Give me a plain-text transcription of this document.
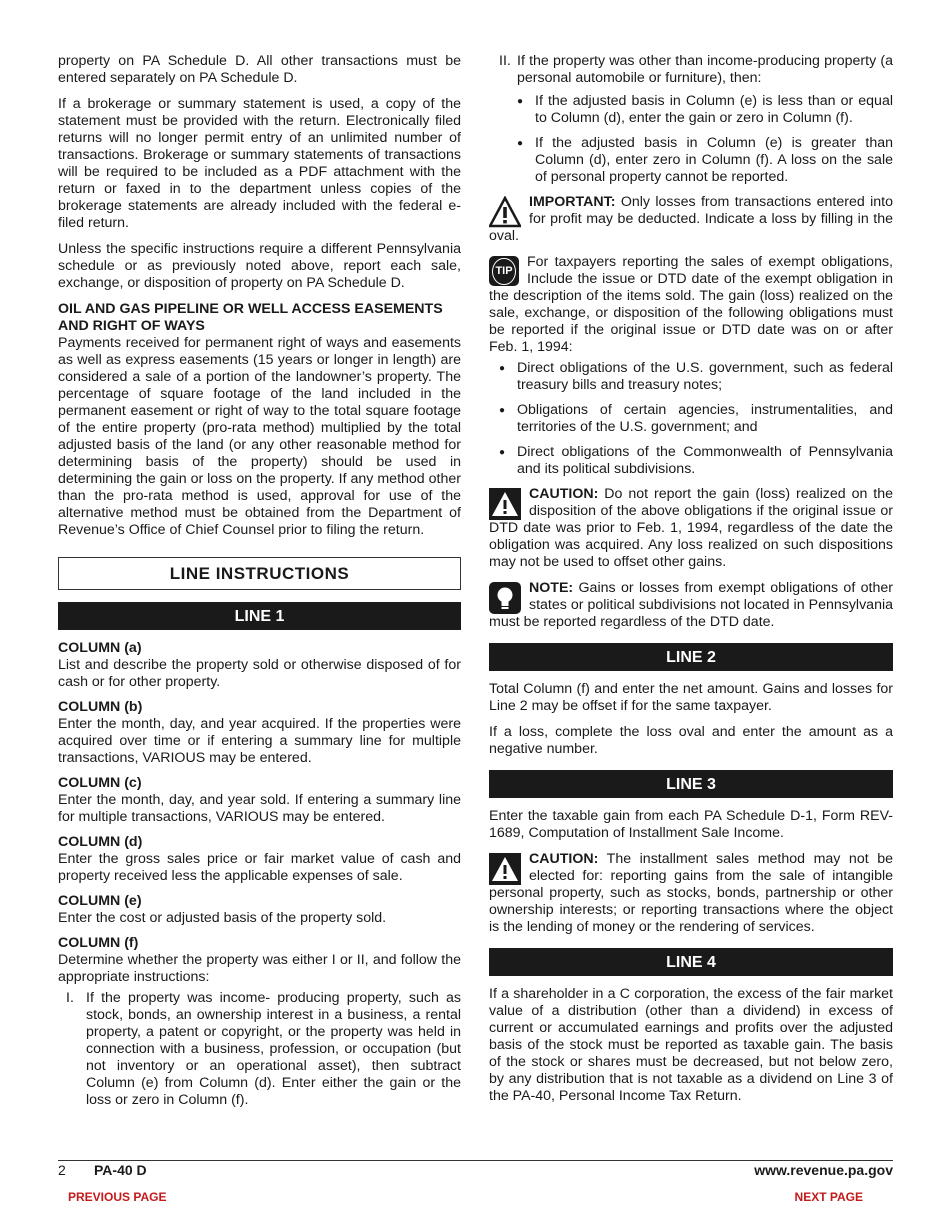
property on PA Schedule D. All other transactions must be entered separately on PA Schedule D.

If a brokerage or summary statement is used, a copy of the statement must be provided with the return. Electronically filed returns will no longer permit entry of an unlimited number of transactions. Brokerage or summary statements of transactions will be required to be included as a PDF attachment with the return or faxed in to the department unless copies of the brokerage statements are already included with the federal e-filed return.

Unless the specific instructions require a different Pennsylvania schedule or as previously noted above, report each sale, exchange, or disposition of property on PA Schedule D.

OIL AND GAS PIPELINE OR WELL ACCESS EASEMENTS AND RIGHT OF WAYS

Payments received for permanent right of ways and easements as well as express easements (15 years or longer in length) are considered a sale of a portion of the landowner’s property. The percentage of square footage of the land included in the permanent easement or right of way to the total square footage of the entire property (pro-rata method) multiplied by the total adjusted basis of the land (or any other reasonable method for determining basis of the property) should be used in determining the gain or loss on the property. If any method other than the pro-rata method is used, approval for use of the alternative method must be obtained from the Department of Revenue’s Office of Chief Counsel prior to filing the return.

LINE INSTRUCTIONS
LINE 1

COLUMN (a)

List and describe the property sold or otherwise disposed of for cash or for other property.

COLUMN (b)

Enter the month, day, and year acquired. If the properties were acquired over time or if entering a summary line for multiple transactions, VARIOUS may be entered.

COLUMN (c)

Enter the month, day, and year sold. If entering a summary line for multiple transactions, VARIOUS may be entered.

COLUMN (d)

Enter the gross sales price or fair market value of cash and property received less the applicable expenses of sale.

COLUMN (e)

Enter the cost or adjusted basis of the property sold.

COLUMN (f)

Determine whether the property was either I or II, and follow the appropriate instructions:

I. If the property was income- producing property, such as stock, bonds, an ownership interest in a business, a rental property, a patent or copyright, or the property was held in connection with a business, profession, or occupation (but not inventory or an operational asset), then subtract Column (e) from Column (d). Enter either the gain or the loss or zero in Column (f).
II. If the property was other than income-producing property (a personal automobile or furniture), then:
● If the adjusted basis in Column (e) is less than or equal to Column (d), enter the gain or zero in Column (f).
● If the adjusted basis in Column (e) is greater than Column (d), enter zero in Column (f). A loss on the sale of personal property cannot be reported.
IMPORTANT: Only losses from transactions entered into for profit may be deducted. Indicate a loss by filling in the oval.
TIP
For taxpayers reporting the sales of exempt obligations, Include the issue or DTD date of the exempt obligation in the description of the items sold. The gain (loss) realized on the sale, exchange, or disposition of the following obligations must be reported if the original issue or DTD date was on or after Feb. 1, 1994:
● Direct obligations of the U.S. government, such as federal treasury bills and treasury notes;
● Obligations of certain agencies, instrumentalities, and territories of the U.S. government; and
● Direct obligations of the Commonwealth of Pennsylvania and its political subdivisions.
CAUTION: Do not report the gain (loss) realized on the disposition of the above obligations if the original issue or DTD date was prior to Feb. 1, 1994, regardless of the date the obligation was acquired. Any loss realized on such dispositions may not be used to offset other gains.
NOTE: Gains or losses from exempt obligations of other states or political subdivisions not located in Pennsylvania must be reported regardless of the DTD date.
LINE 2

Total Column (f) and enter the net amount. Gains and losses for Line 2 may be offset if for the same taxpayer.

If a loss, complete the loss oval and enter the amount as a negative number.

LINE 3

Enter the taxable gain from each PA Schedule D-1, Form REV-1689, Computation of Installment Sale Income.

CAUTION: The installment sales method may not be elected for: reporting gains from the sale of intangible personal property, such as stocks, bonds, partnership or other ownership interests; or reporting transactions where the object is the lending of money or the rendering of services.
LINE 4

If a shareholder in a C corporation, the excess of the fair market value of a distribution (other than a dividend) in excess of current or accumulated earnings and profits over the adjusted basis of the stock must be reported as taxable gain. The basis of the stock or shares must be decreased, but not below zero, by any distribution that is not taxable as a dividend on Line 3 of the PA-40, Personal Income Tax Return.

2 PA-40 D	www.revenue.pa.gov
PREVIOUS PAGE	NEXT PAGE
